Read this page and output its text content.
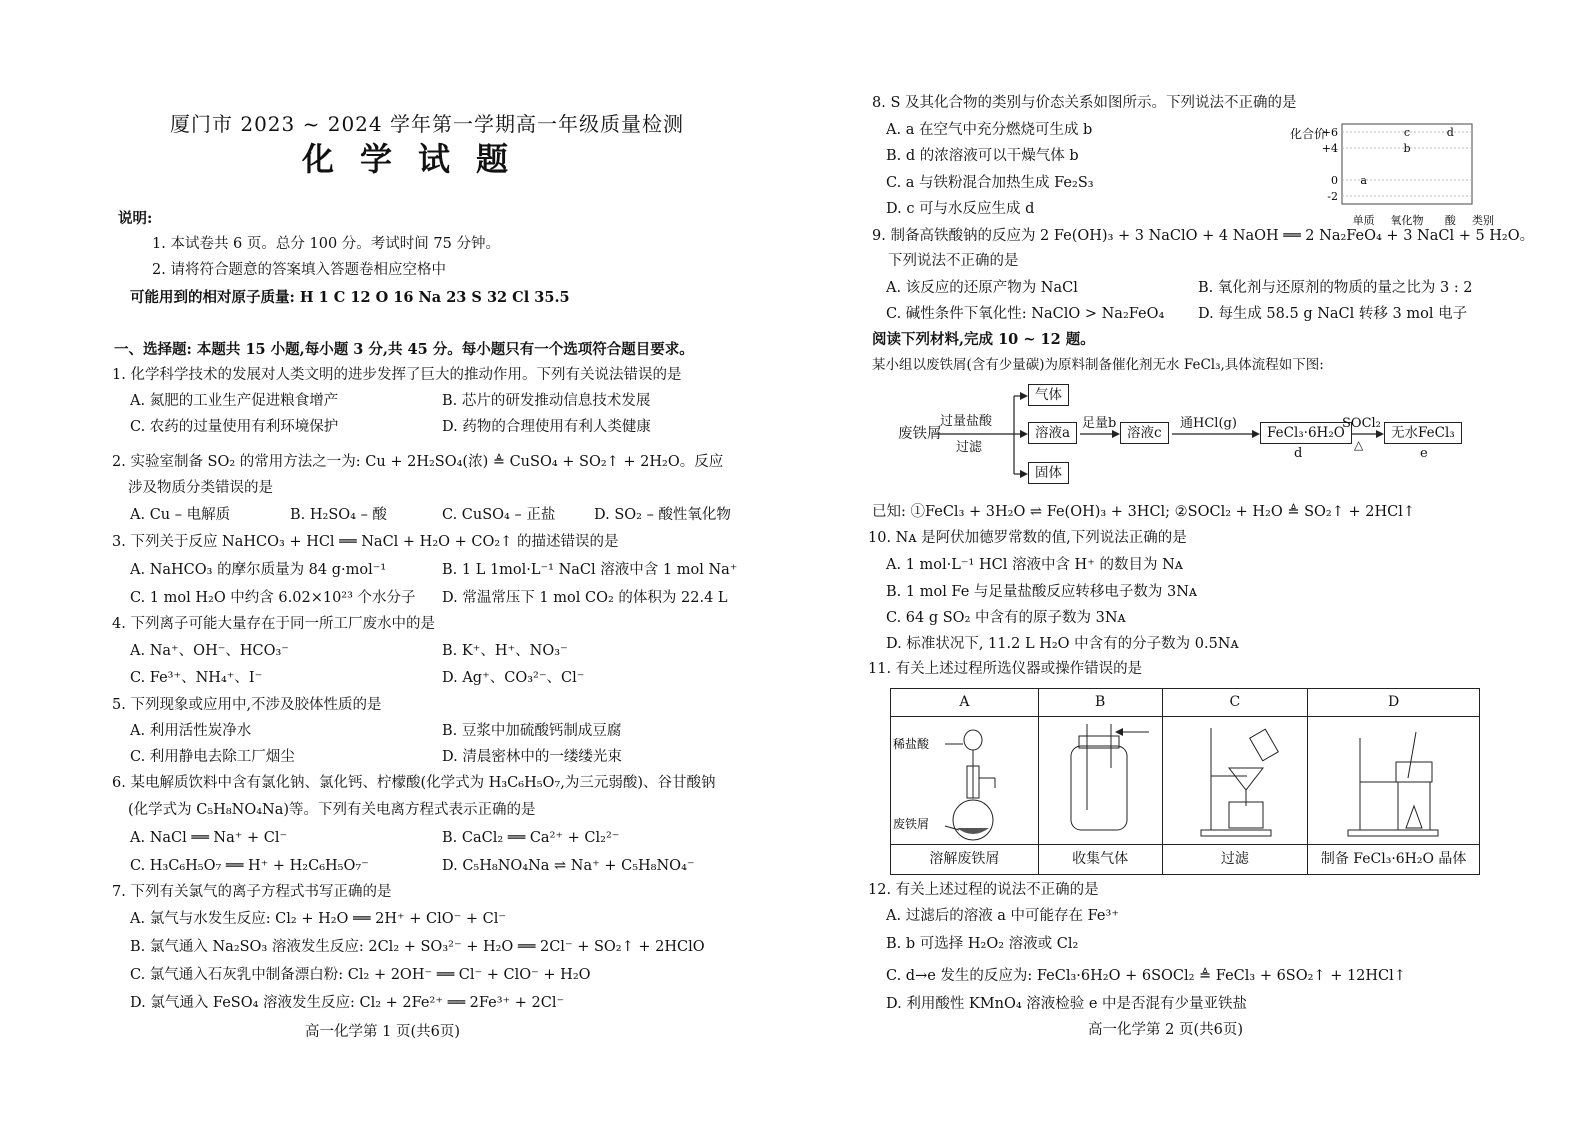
厦门市 2023 ~ 2024 学年第一学期高一年级质量检测
化学试题
说明:
1. 本试卷共 6 页。总分 100 分。考试时间 75 分钟。
2. 请将符合题意的答案填入答题卷相应空格中
可能用到的相对原子质量: H 1 C 12 O 16 Na 23 S 32 Cl 35.5
一、选择题: 本题共 15 小题,每小题 3 分,共 45 分。每小题只有一个选项符合题目要求。
1. 化学科学技术的发展对人类文明的进步发挥了巨大的推动作用。下列有关说法错误的是
A. 氮肥的工业生产促进粮食增产	B. 芯片的研发推动信息技术发展
C. 农药的过量使用有利环境保护	D. 药物的合理使用有利人类健康
2. 实验室制备 SO₂ 的常用方法之一为: Cu + 2H₂SO₄(浓) ≜ CuSO₄ + SO₂↑ + 2H₂O。反应
涉及物质分类错误的是
A. Cu – 电解质	B. H₂SO₄ – 酸	C. CuSO₄ – 正盐	D. SO₂ – 酸性氧化物
3. 下列关于反应 NaHCO₃ + HCl ══ NaCl + H₂O + CO₂↑ 的描述错误的是
A. NaHCO₃ 的摩尔质量为 84 g·mol⁻¹	B. 1 L 1mol·L⁻¹ NaCl 溶液中含 1 mol Na⁺
C. 1 mol H₂O 中约含 6.02×10²³ 个水分子 D. 常温常压下 1 mol CO₂ 的体积为 22.4 L
4. 下列离子可能大量存在于同一所工厂废水中的是
A. Na⁺、OH⁻、HCO₃⁻	B. K⁺、H⁺、NO₃⁻
C. Fe³⁺、NH₄⁺、I⁻	D. Ag⁺、CO₃²⁻、Cl⁻
5. 下列现象或应用中,不涉及胶体性质的是
A. 利用活性炭净水	B. 豆浆中加硫酸钙制成豆腐
C. 利用静电去除工厂烟尘	D. 清晨密林中的一缕缕光束
6. 某电解质饮料中含有氯化钠、氯化钙、柠檬酸(化学式为 H₃C₆H₅O₇,为三元弱酸)、谷甘酸钠
(化学式为 C₅H₈NO₄Na)等。下列有关电离方程式表示正确的是
A. NaCl ══ Na⁺ + Cl⁻	B. CaCl₂ ══ Ca²⁺ + Cl₂²⁻
C. H₃C₆H₅O₇ ══ H⁺ + H₂C₆H₅O₇⁻	D. C₅H₈NO₄Na ⇌ Na⁺ + C₅H₈NO₄⁻
7. 下列有关氯气的离子方程式书写正确的是
A. 氯气与水发生反应: Cl₂ + H₂O ══ 2H⁺ + ClO⁻ + Cl⁻
B. 氯气通入 Na₂SO₃ 溶液发生反应: 2Cl₂ + SO₃²⁻ + H₂O ══ 2Cl⁻ + SO₂↑ + 2HClO
C. 氯气通入石灰乳中制备漂白粉: Cl₂ + 2OH⁻ ══ Cl⁻ + ClO⁻ + H₂O
D. 氯气通入 FeSO₄ 溶液发生反应: Cl₂ + 2Fe²⁺ ══ 2Fe³⁺ + 2Cl⁻
高一化学第 1 页(共6页)
8. S 及其化合物的类别与价态关系如图所示。下列说法不正确的是
A. a 在空气中充分燃烧可生成 b
B. d 的浓溶液可以干燥气体 b
C. a 与铁粉混合加热生成 Fe₂S₃
D. c 可与水反应生成 d
+6
+4
0
-2
单质 氧化物 酸
a
b
c	d
化合价
类别
9. 制备高铁酸钠的反应为 2 Fe(OH)₃ + 3 NaClO + 4 NaOH ══ 2 Na₂FeO₄ + 3 NaCl + 5 H₂O。
下列说法不正确的是
A. 该反应的还原产物为 NaCl	B. 氧化剂与还原剂的物质的量之比为 3 : 2
C. 碱性条件下氧化性: NaClO > Na₂FeO₄ D. 每生成 58.5 g NaCl 转移 3 mol 电子
阅读下列材料,完成 10 ~ 12 题。
某小组以废铁屑(含有少量碳)为原料制备催化剂无水 FeCl₃,具体流程如下图:
废铁屑
过量盐酸
过滤
气体
溶液a
固体
足量b
溶液c
通HCl(g)
FeCl₃·6H₂O
d
SOCl₂
△
无水FeCl₃
e
已知: ①FeCl₃ + 3H₂O ⇌ Fe(OH)₃ + 3HCl; ②SOCl₂ + H₂O ≜ SO₂↑ + 2HCl↑
10. Nᴀ 是阿伏加德罗常数的值,下列说法正确的是
A. 1 mol·L⁻¹ HCl 溶液中含 H⁺ 的数目为 Nᴀ
B. 1 mol Fe 与足量盐酸反应转移电子数为 3Nᴀ
C. 64 g SO₂ 中含有的原子数为 3Nᴀ
D. 标准状况下, 11.2 L H₂O 中含有的分子数为 0.5Nᴀ
11. 有关上述过程所选仪器或操作错误的是
A	B	C	D

稀盐酸
废铁屑

溶解废铁屑	收集气体	过滤	制备 FeCl₃·6H₂O 晶体
12. 有关上述过程的说法不正确的是
A. 过滤后的溶液 a 中可能存在 Fe³⁺
B. b 可选择 H₂O₂ 溶液或 Cl₂
C. d→e 发生的反应为: FeCl₃·6H₂O + 6SOCl₂ ≜ FeCl₃ + 6SO₂↑ + 12HCl↑
D. 利用酸性 KMnO₄ 溶液检验 e 中是否混有少量亚铁盐
高一化学第 2 页(共6页)
